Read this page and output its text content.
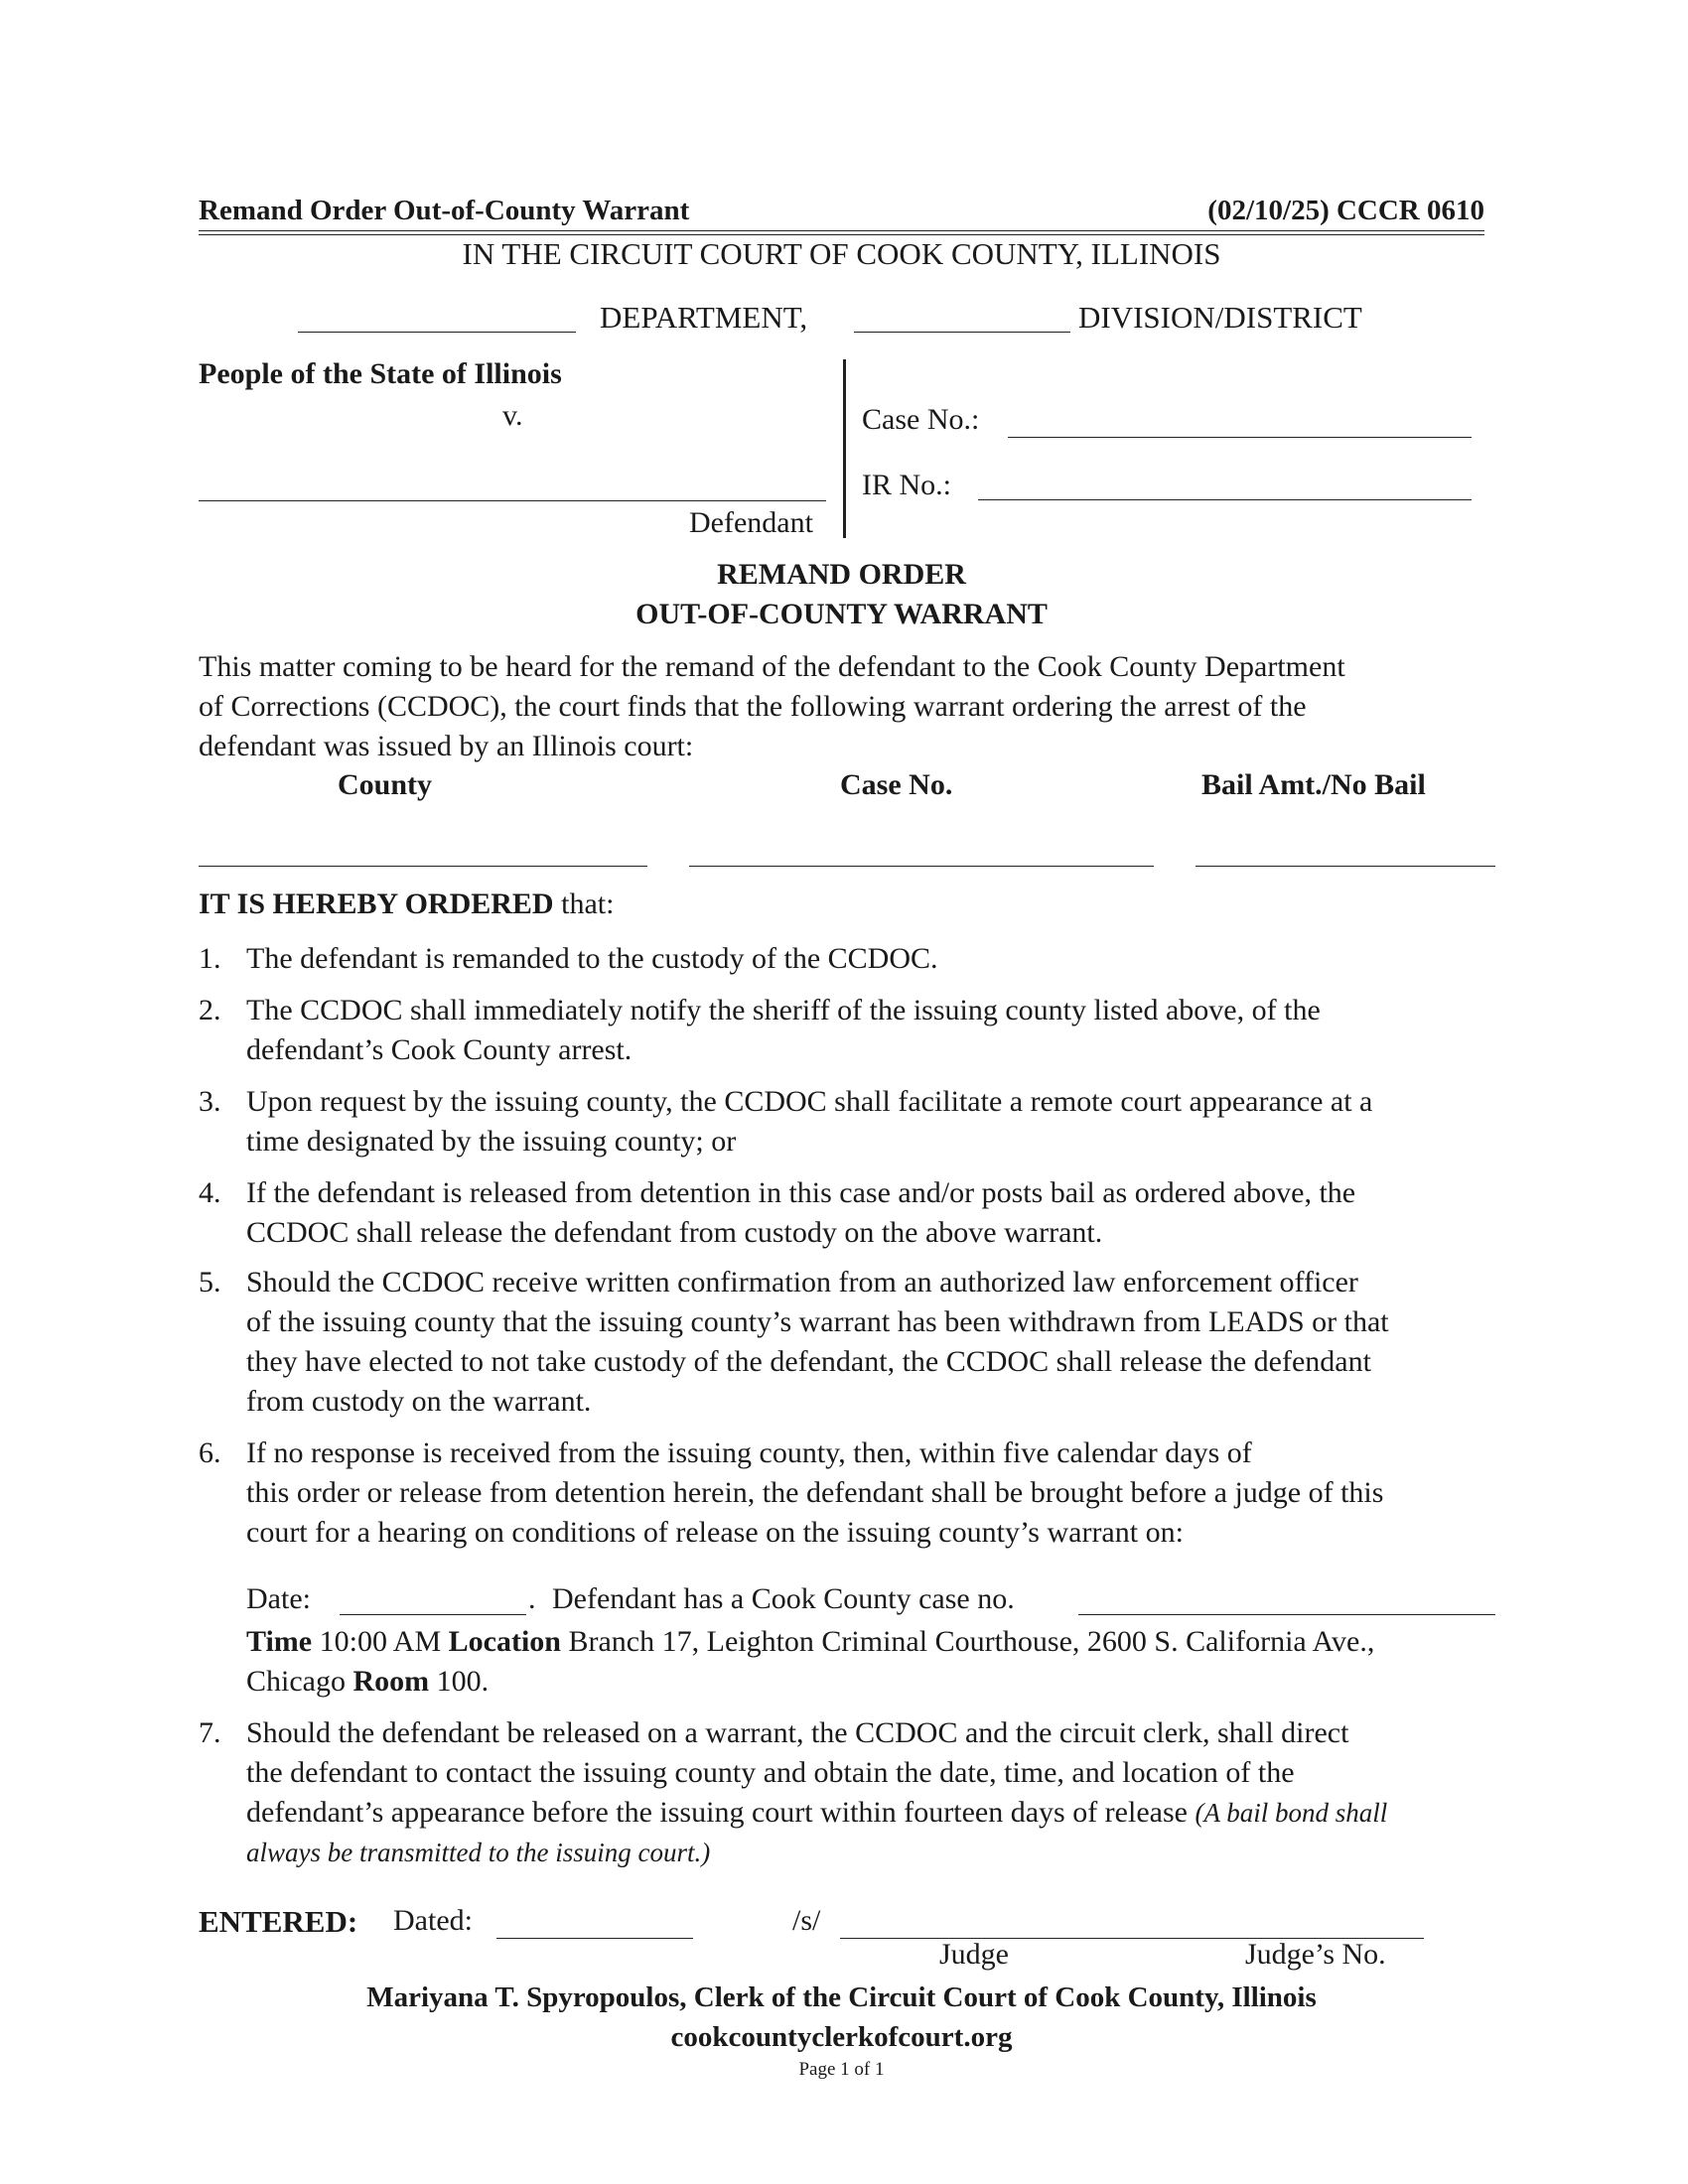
Remand Order Out-of-County Warrant	(02/10/25) CCCR 0610
IN THE CIRCUIT COURT OF COOK COUNTY, ILLINOIS
DEPARTMENT,	DIVISION/DISTRICT
People of the State of Illinois
v.
Defendant
Case No.:
IR No.:
REMAND ORDER
OUT-OF-COUNTY WARRANT
This matter coming to be heard for the remand of the defendant to the Cook County Department
of Corrections (CCDOC), the court finds that the following warrant ordering the arrest of the
defendant was issued by an Illinois court:
County	Case No.	Bail Amt./No Bail
IT IS HEREBY ORDERED that:
1. The defendant is remanded to the custody of the CCDOC.
2. The CCDOC shall immediately notify the sheriff of the issuing county listed above, of the
defendant’s Cook County arrest.
3. Upon request by the issuing county, the CCDOC shall facilitate a remote court appearance at a
time designated by the issuing county; or
4. If the defendant is released from detention in this case and/or posts bail as ordered above, the
CCDOC shall release the defendant from custody on the above warrant.
5. Should the CCDOC receive written confirmation from an authorized law enforcement officer
of the issuing county that the issuing county’s warrant has been withdrawn from LEADS or that
they have elected to not take custody of the defendant, the CCDOC shall release the defendant
from custody on the warrant.
6. If no response is received from the issuing county, then, within five calendar days of
this order or release from detention herein, the defendant shall be brought before a judge of this
court for a hearing on conditions of release on the issuing county’s warrant on:
Date:	. Defendant has a Cook County case no.
Time 10:00 AM Location Branch 17, Leighton Criminal Courthouse, 2600 S. California Ave.,
Chicago Room 100.
7. Should the defendant be released on a warrant, the CCDOC and the circuit clerk, shall direct
the defendant to contact the issuing county and obtain the date, time, and location of the
defendant’s appearance before the issuing court within fourteen days of release (A bail bond shall
always be transmitted to the issuing court.)
ENTERED: Dated:	/s/
Judge	Judge’s No.
Mariyana T. Spyropoulos, Clerk of the Circuit Court of Cook County, Illinois
cookcountyclerkofcourt.org
Page 1 of 1
